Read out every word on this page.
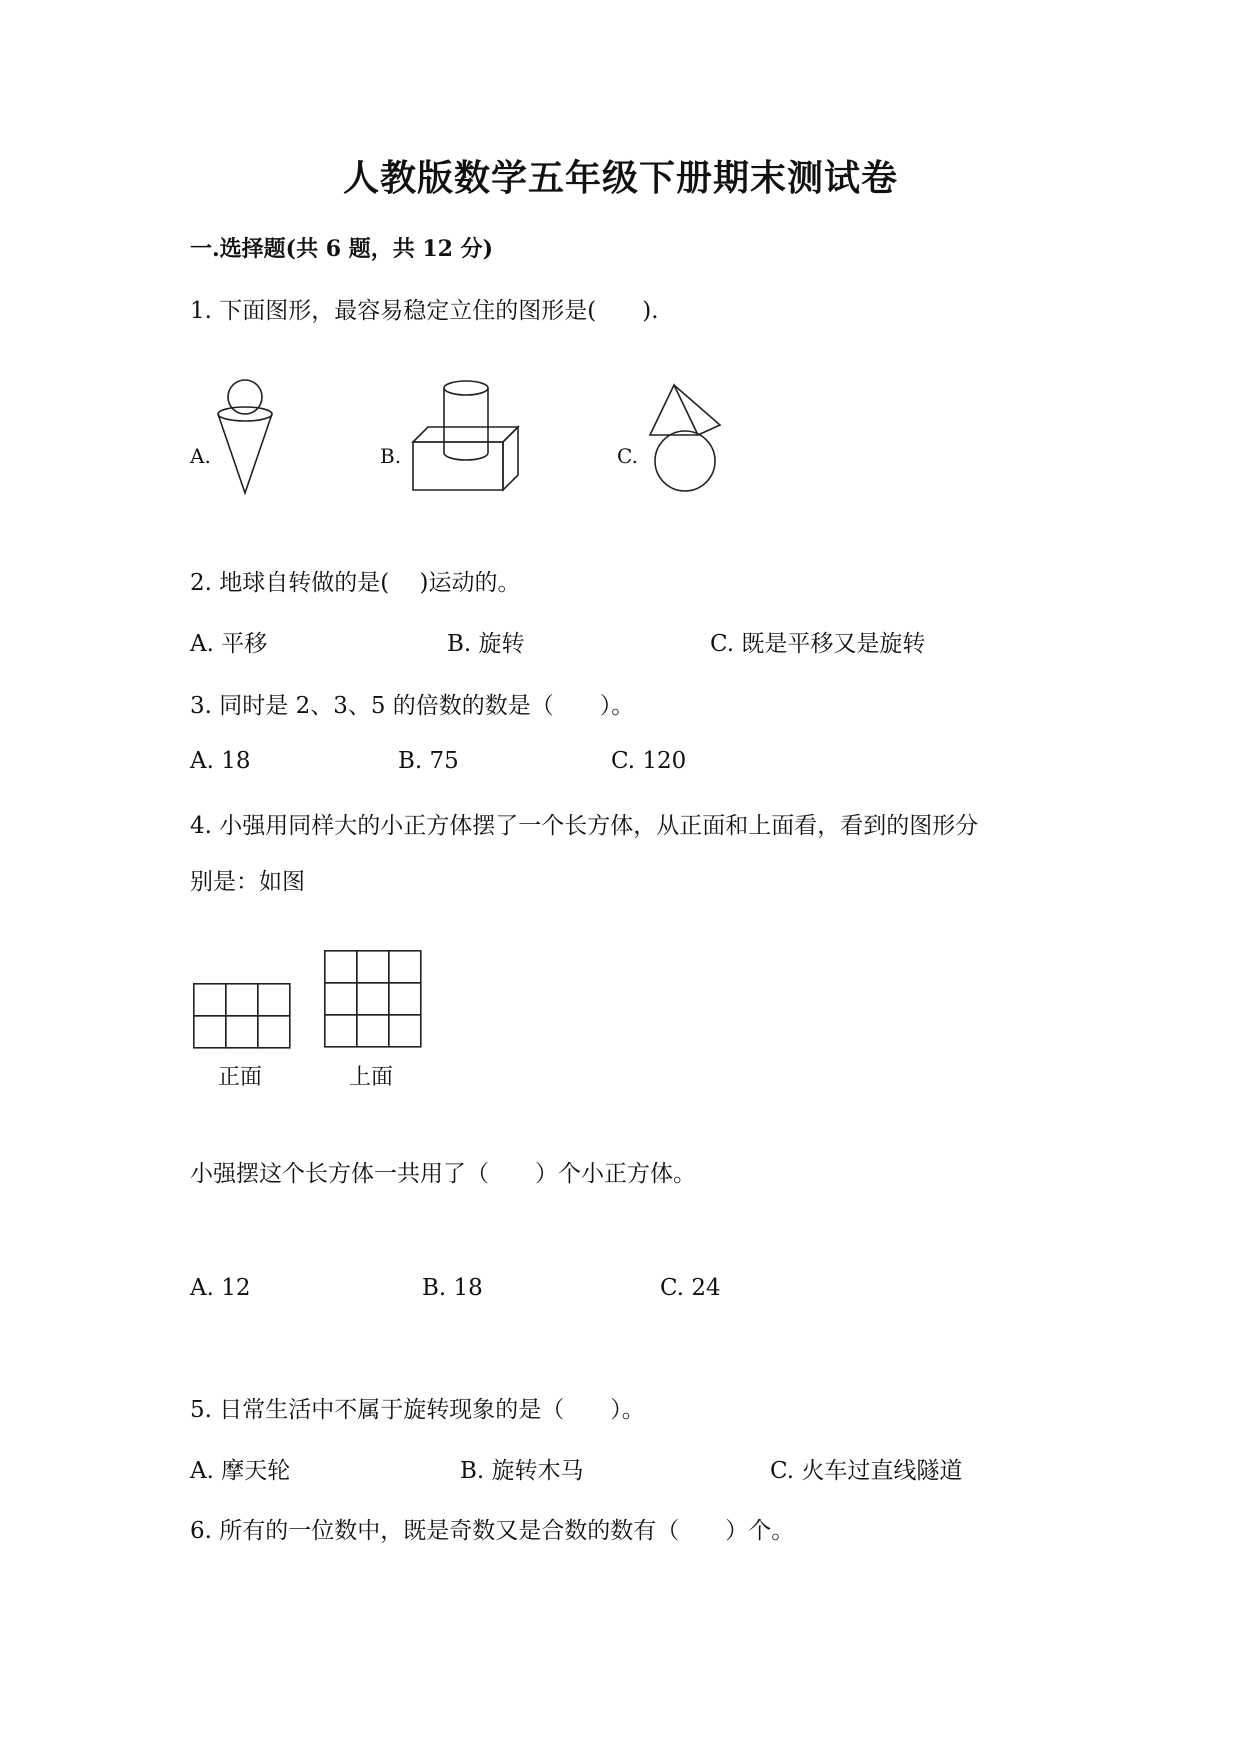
人教版数学五年级下册期末测试卷
一.选择题(共 6 题，共 12 分)
1. 下面图形，最容易稳定立住的图形是(　　).
A.	B.	C.
2. 地球自转做的是(　 )运动的。
A. 平移	B. 旋转	C. 既是平移又是旋转
3. 同时是 2、3、5 的倍数的数是（　　）。
A. 18	B. 75	C. 120
4. 小强用同样大的小正方体摆了一个长方体，从正面和上面看，看到的图形分
别是：如图
正面	上面
小强摆这个长方体一共用了（　　）个小正方体。
A. 12	B. 18	C. 24
5. 日常生活中不属于旋转现象的是（　　）。
A. 摩天轮	B. 旋转木马	C. 火车过直线隧道
6. 所有的一位数中，既是奇数又是合数的数有（　　）个。
